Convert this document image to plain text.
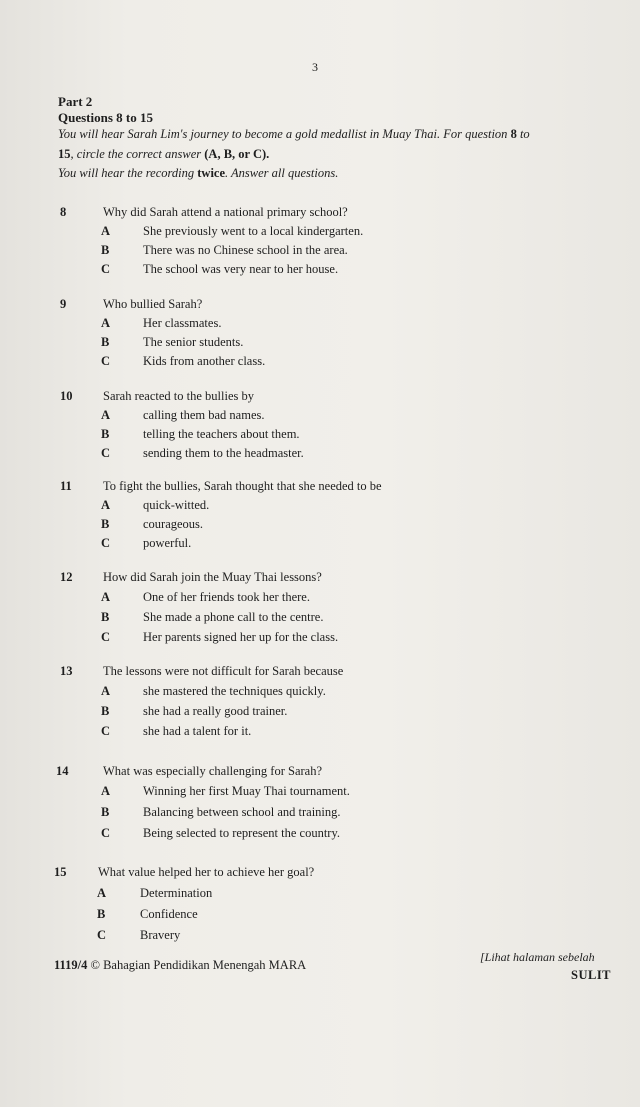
3
Part 2
Questions 8 to 15
You will hear Sarah Lim's journey to become a gold medallist in Muay Thai. For question 8 to
15, circle the correct answer (A, B, or C).
You will hear the recording twice. Answer all questions.
8	Why did Sarah attend a national primary school?
A	She previously went to a local kindergarten.
B	There was no Chinese school in the area.
C	The school was very near to her house.
9	Who bullied Sarah?
A	Her classmates.
B	The senior students.
C	Kids from another class.
10 Sarah reacted to the bullies by
A	calling them bad names.
B	telling the teachers about them.
C	sending them to the headmaster.
11 To fight the bullies, Sarah thought that she needed to be
A	quick-witted.
B	courageous.
C	powerful.
12 How did Sarah join the Muay Thai lessons?
A	One of her friends took her there.
B	She made a phone call to the centre.
C	Her parents signed her up for the class.
13 The lessons were not difficult for Sarah because
A	she mastered the techniques quickly.
B	she had a really good trainer.
C	she had a talent for it.
14	What was especially challenging for Sarah?
A	Winning her first Muay Thai tournament.
B	Balancing between school and training.
C	Being selected to represent the country.
15	What value helped her to achieve her goal?
A	Determination
B	Confidence
C	Bravery
1119/4 © Bahagian Pendidikan Menengah MARA
[Lihat halaman sebelah
SULIT
